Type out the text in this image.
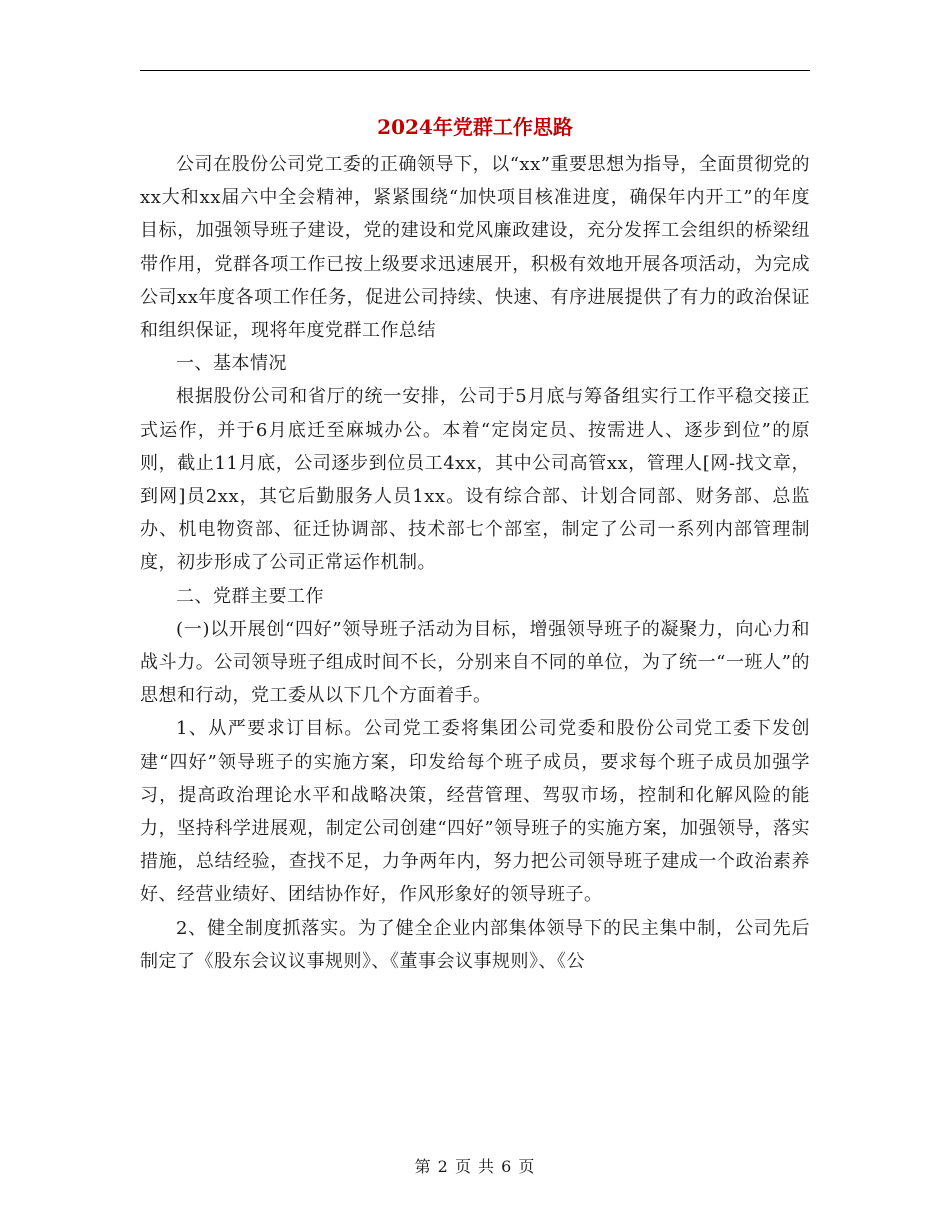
2024年党群工作思路

公司在股份公司党工委的正确领导下，以“xx”重要思想为指导，全面贯彻党的xx大和xx届六中全会精神，紧紧围绕“加快项目核准进度，确保年内开工”的年度目标，加强领导班子建设，党的建设和党风廉政建设，充分发挥工会组织的桥梁纽带作用，党群各项工作已按上级要求迅速展开，积极有效地开展各项活动，为完成公司xx年度各项工作任务，促进公司持续、快速、有序进展提供了有力的政治保证和组织保证，现将年度党群工作总结

一、基本情况

根据股份公司和省厅的统一安排，公司于5月底与筹备组实行工作平稳交接正式运作，并于6月底迁至麻城办公。本着“定岗定员、按需进人、逐步到位”的原则，截止11月底，公司逐步到位员工4xx，其中公司高管xx，管理人[网-找文章，到网]员2xx，其它后勤服务人员1xx。设有综合部、计划合同部、财务部、总监办、机电物资部、征迁协调部、技术部七个部室，制定了公司一系列内部管理制度，初步形成了公司正常运作机制。

二、党群主要工作

(一)以开展创“四好”领导班子活动为目标，增强领导班子的凝聚力，向心力和战斗力。公司领导班子组成时间不长，分别来自不同的单位，为了统一“一班人”的思想和行动，党工委从以下几个方面着手。

1、从严要求订目标。公司党工委将集团公司党委和股份公司党工委下发创建“四好”领导班子的实施方案，印发给每个班子成员，要求每个班子成员加强学习，提高政治理论水平和战略决策，经营管理、驾驭市场，控制和化解风险的能力，坚持科学进展观，制定公司创建“四好”领导班子的实施方案，加强领导，落实措施，总结经验，查找不足，力争两年内，努力把公司领导班子建成一个政治素养好、经营业绩好、团结协作好，作风形象好的领导班子。

2、健全制度抓落实。为了健全企业内部集体领导下的民主集中制，公司先后制定了《股东会议议事规则》、《董事会议事规则》、《公

第 2 页 共 6 页
